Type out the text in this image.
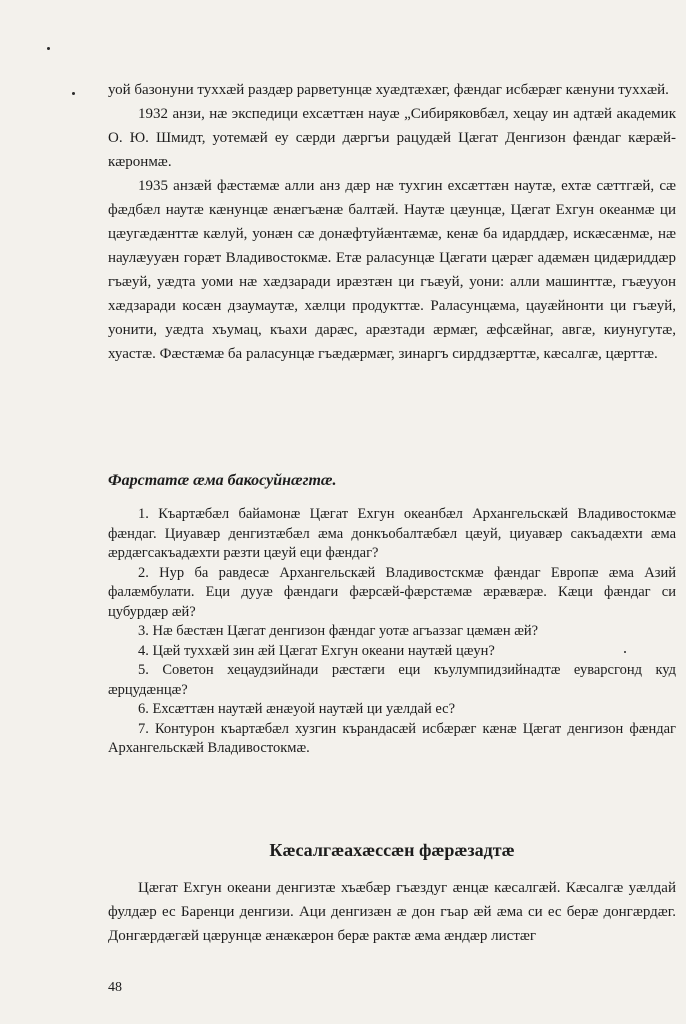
уой базонуни туххæй раздæр рарветунцæ хуæдтæхæг, фæндаг исбæрæг кæнуни туххæй.

1932 анзи, нæ экспедици ехсæттæн науæ „Сибиряковбæл, хецау ин адтæй академик О. Ю. Шмидт, уотемæй еу сæрди дæргъи рацудæй Цæгат Денгизон фæндаг кæрæй-кæронмæ.

1935 анзæй фæстæмæ алли анз дæр нæ тухгин ехсæттæн наутæ, ехтæ сæттгæй, сæ фæдбæл наутæ кæнунцæ æнæгъæнæ балтæй. Наутæ цæунцæ, Цæгат Ехгун океанмæ ци цæугæдæнттæ кæлуй, уонæн сæ донæфтуйæнтæмæ, кенæ ба идарддæр, искæсæнмæ, нæ наулæууæн горæт Владивостокмæ. Етæ раласунцæ Цæгати цæрæг адæмæн цидæриддæр гъæуй, уæдта уоми нæ хæдзаради ирæзтæн ци гъæуй, уони: алли машинттæ, гъæууон хæдзаради косæн дзаумаутæ, хæлци продукттæ. Раласунцæма, цауæйнонти ци гъæуй, уонити, уæдта хъумац, къахи дарæс, арæзтади æрмæг, æфсæйнаг, авгæ, киунугутæ, хуастæ. Фæстæмæ ба раласунцæ гъæдæрмæг, зинаргъ сирддзæрттæ, кæсалгæ, цæрттæ.

Фарстатæ æма бакосуйнæгтæ.

1. Къартæбæл байамонæ Цæгат Ехгун океанбæл Архангельскæй Владивостокмæ фæндаг. Циуавæр денгизтæбæл æма донкъобалтæбæл цæуй, циуавæр сакъадæхти æма æрдæгсакъадæхти рæзти цæуй еци фæндаг?

2. Нур ба равдесæ Архангельскæй Владивостскмæ фæндаг Европæ æма Азий фалæмбулати. Еци дууæ фæндаги фæрсæй-фæрстæмæ æрæвæрæ. Кæци фæндаг си цубурдæр æй?

3. Нæ бæстæн Цæгат денгизон фæндаг уотæ агъаззаг цæмæн æй?

4. Цæй туххæй зин æй Цæгат Ехгун океани наутæй цæун?

5. Советон хецаудзийнади рæстæги еци къулумпидзийнадтæ еуварсгонд куд æрцудæнцæ?

6. Ехсæттæн наутæй æнæуой наутæй ци уæлдай ес?

7. Контурон къартæбæл хузгин кърандасæй исбæрæг кæнæ Цæгат денгизон фæндаг Архангельскæй Владивостокмæ.

Кæсалгæахæссæн фæрæзадтæ

Цæгат Ехгун океани денгизтæ хъæбæр гъæздуг æнцæ кæсалгæй. Кæсалгæ уæлдай фулдæр ес Баренци денгизи. Аци денгизæн æ дон гъар æй æма си ес берæ донгæрдæг. Донгæрдæгæй цæрунцæ æнæкæрон берæ рактæ æма æндæр листæг

48
